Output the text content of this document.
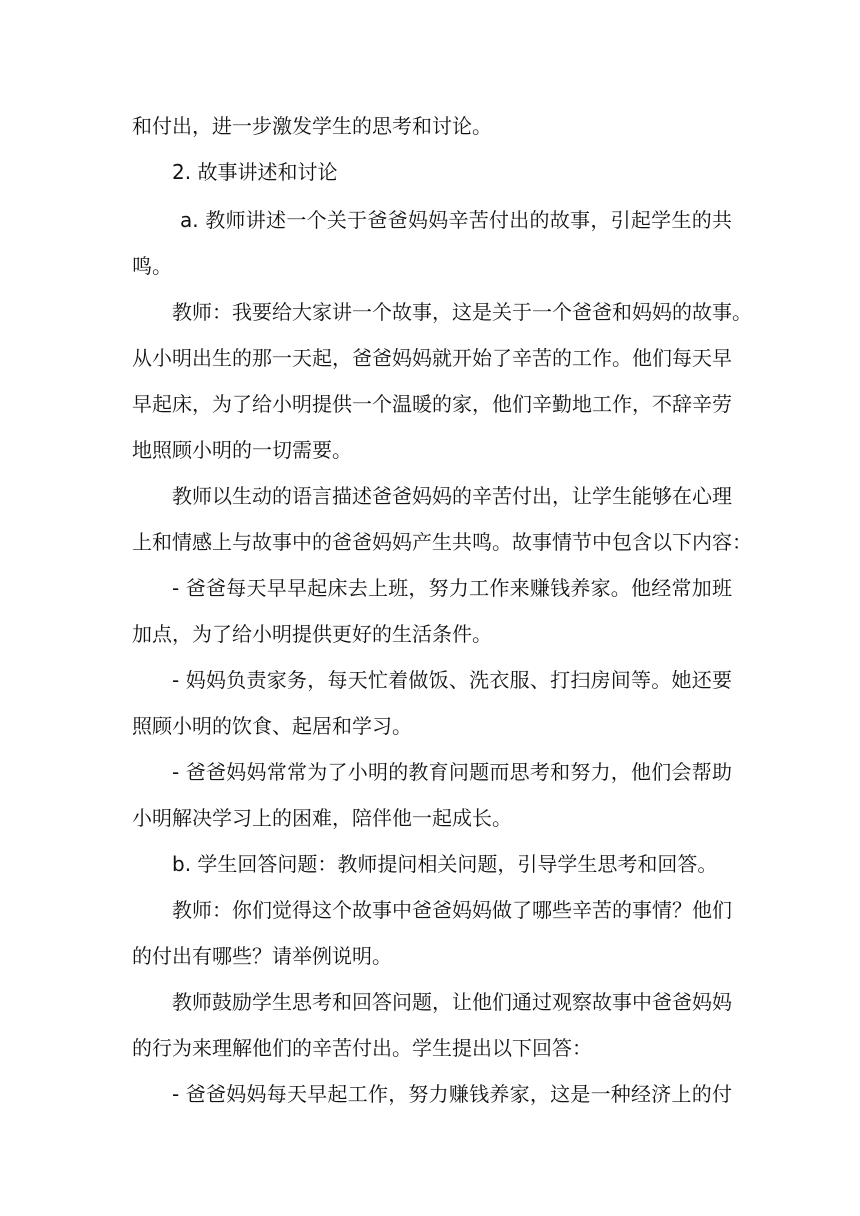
和付出，进一步激发学生的思考和讨论。
2. 故事讲述和讨论
a. 教师讲述一个关于爸爸妈妈辛苦付出的故事，引起学生的共
鸣。
教师：我要给大家讲一个故事，这是关于一个爸爸和妈妈的故事。
从小明出生的那一天起，爸爸妈妈就开始了辛苦的工作。他们每天早
早起床，为了给小明提供一个温暖的家，他们辛勤地工作，不辞辛劳
地照顾小明的一切需要。
教师以生动的语言描述爸爸妈妈的辛苦付出，让学生能够在心理
上和情感上与故事中的爸爸妈妈产生共鸣。故事情节中包含以下内容：
- 爸爸每天早早起床去上班，努力工作来赚钱养家。他经常加班
加点，为了给小明提供更好的生活条件。
- 妈妈负责家务，每天忙着做饭、洗衣服、打扫房间等。她还要
照顾小明的饮食、起居和学习。
- 爸爸妈妈常常为了小明的教育问题而思考和努力，他们会帮助
小明解决学习上的困难，陪伴他一起成长。
b. 学生回答问题：教师提问相关问题，引导学生思考和回答。
教师：你们觉得这个故事中爸爸妈妈做了哪些辛苦的事情？他们
的付出有哪些？请举例说明。
教师鼓励学生思考和回答问题，让他们通过观察故事中爸爸妈妈
的行为来理解他们的辛苦付出。学生提出以下回答：
- 爸爸妈妈每天早起工作，努力赚钱养家，这是一种经济上的付
